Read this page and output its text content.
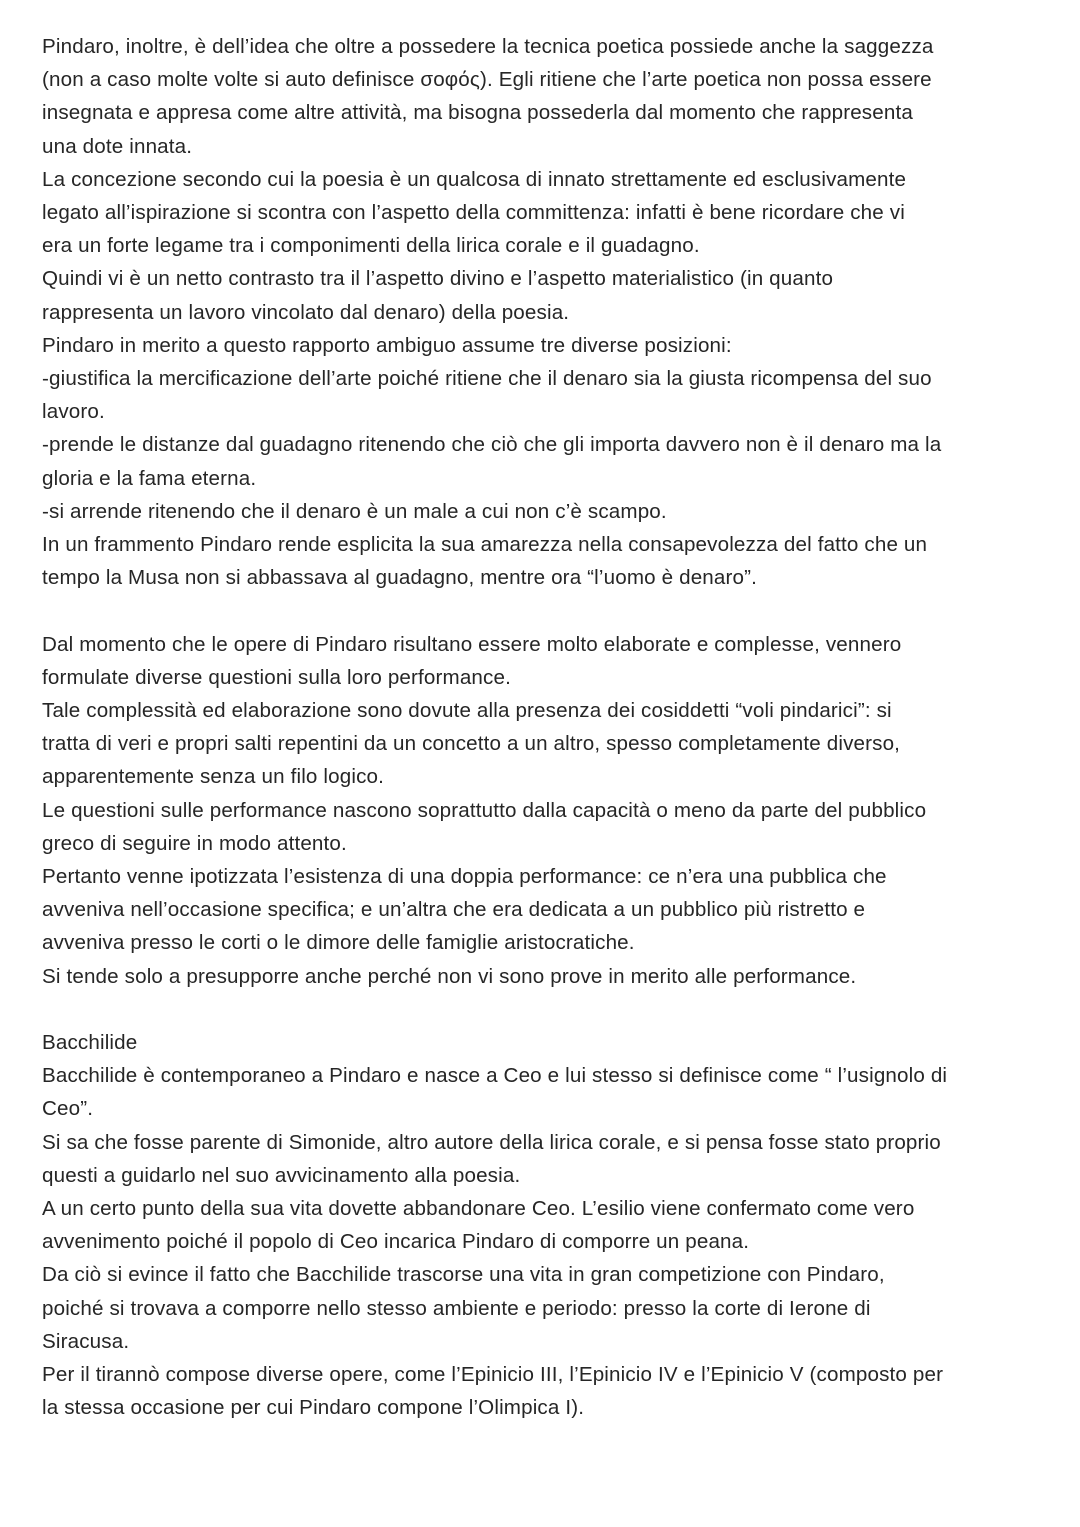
Pindaro, inoltre, è dell’idea che oltre a possedere la tecnica poetica possiede anche la saggezza
(non a caso molte volte si auto definisce σοφός). Egli ritiene che l’arte poetica non possa essere
insegnata e appresa come altre attività, ma bisogna possederla dal momento che rappresenta
una dote innata.
La concezione secondo cui la poesia è un qualcosa di innato strettamente ed esclusivamente
legato all’ispirazione si scontra con l’aspetto della committenza: infatti è bene ricordare che vi
era un forte legame tra i componimenti della lirica corale e il guadagno.
Quindi vi è un netto contrasto tra il l’aspetto divino e l’aspetto materialistico (in quanto
rappresenta un lavoro vincolato dal denaro) della poesia.
Pindaro in merito a questo rapporto ambiguo assume tre diverse posizioni:
-giustifica la mercificazione dell’arte poiché ritiene che il denaro sia la giusta ricompensa del suo
lavoro.
-prende le distanze dal guadagno ritenendo che ciò che gli importa davvero non è il denaro ma la
gloria e la fama eterna.
-si arrende ritenendo che il denaro è un male a cui non c’è scampo.
In un frammento Pindaro rende esplicita la sua amarezza nella consapevolezza del fatto che un
tempo la Musa non si abbassava al guadagno, mentre ora “l’uomo è denaro”.
Dal momento che le opere di Pindaro risultano essere molto elaborate e complesse, vennero
formulate diverse questioni sulla loro performance.
Tale complessità ed elaborazione sono dovute alla presenza dei cosiddetti “voli pindarici”: si
tratta di veri e propri salti repentini da un concetto a un altro, spesso completamente diverso,
apparentemente senza un filo logico.
Le questioni sulle performance nascono soprattutto dalla capacità o meno da parte del pubblico
greco di seguire in modo attento.
Pertanto venne ipotizzata l’esistenza di una doppia performance: ce n’era una pubblica che
avveniva nell’occasione specifica; e un’altra che era dedicata a un pubblico più ristretto e
avveniva presso le corti o le dimore delle famiglie aristocratiche.
Si tende solo a presupporre anche perché non vi sono prove in merito alle performance.
Bacchilide
Bacchilide è contemporaneo a Pindaro e nasce a Ceo e lui stesso si definisce come “ l’usignolo di
Ceo”.
Si sa che fosse parente di Simonide, altro autore della lirica corale, e si pensa fosse stato proprio
questi a guidarlo nel suo avvicinamento alla poesia.
A un certo punto della sua vita dovette abbandonare Ceo. L’esilio viene confermato come vero
avvenimento poiché il popolo di Ceo incarica Pindaro di comporre un peana.
Da ciò si evince il fatto che Bacchilide trascorse una vita in gran competizione con Pindaro,
poiché si trovava a comporre nello stesso ambiente e periodo: presso la corte di Ierone di
Siracusa.
Per il tirannò compose diverse opere, come l’Epinicio III, l’Epinicio IV e l’Epinicio V (composto per
la stessa occasione per cui Pindaro compone l’Olimpica I).
